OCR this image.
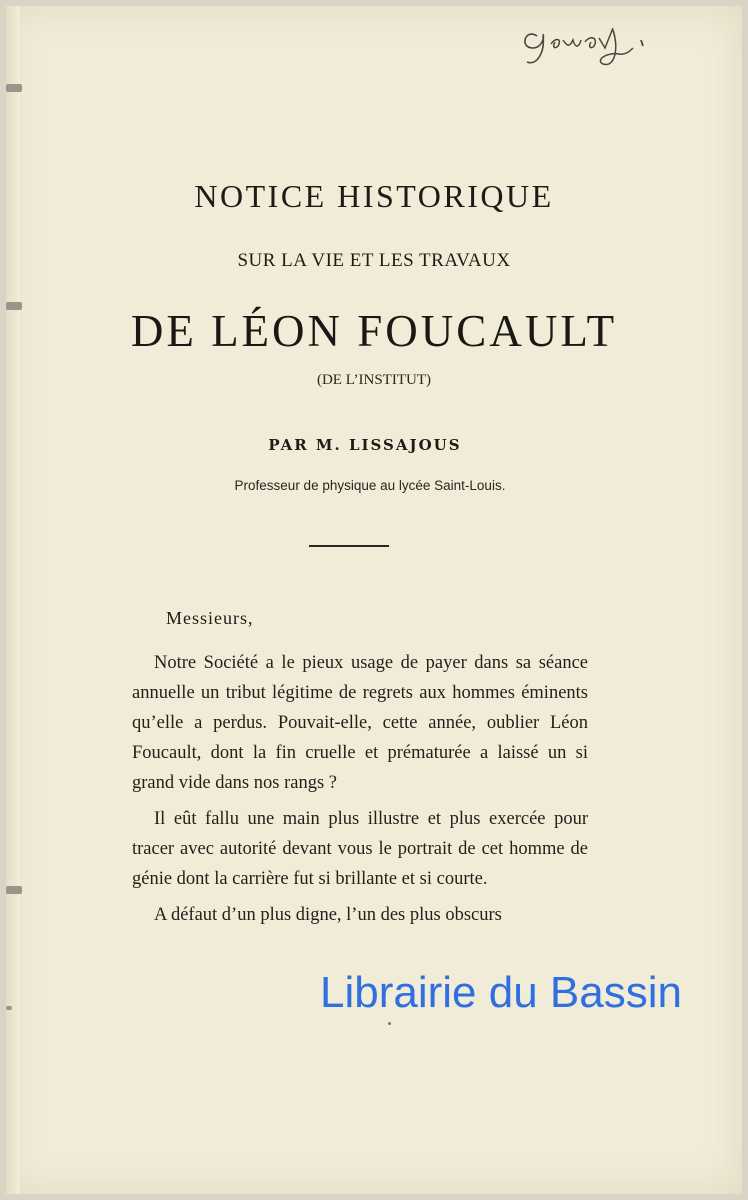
NOTICE HISTORIQUE
SUR LA VIE ET LES TRAVAUX
DE LÉON FOUCAULT
(DE L’INSTITUT)
PAR M. LISSAJOUS
Professeur de physique au lycée Saint-Louis.
Messieurs,

Notre Société a le pieux usage de payer dans sa séance annuelle un tribut légitime de regrets aux hommes éminents qu’elle a perdus. Pouvait-elle, cette année, oublier Léon Foucault, dont la fin cruelle et prématurée a laissé un si grand vide dans nos rangs ?

Il eût fallu une main plus illustre et plus exercée pour tracer avec autorité devant vous le portrait de cet homme de génie dont la carrière fut si brillante et si courte.

A défaut d’un plus digne, l’un des plus obscurs

Librairie du Bassin
